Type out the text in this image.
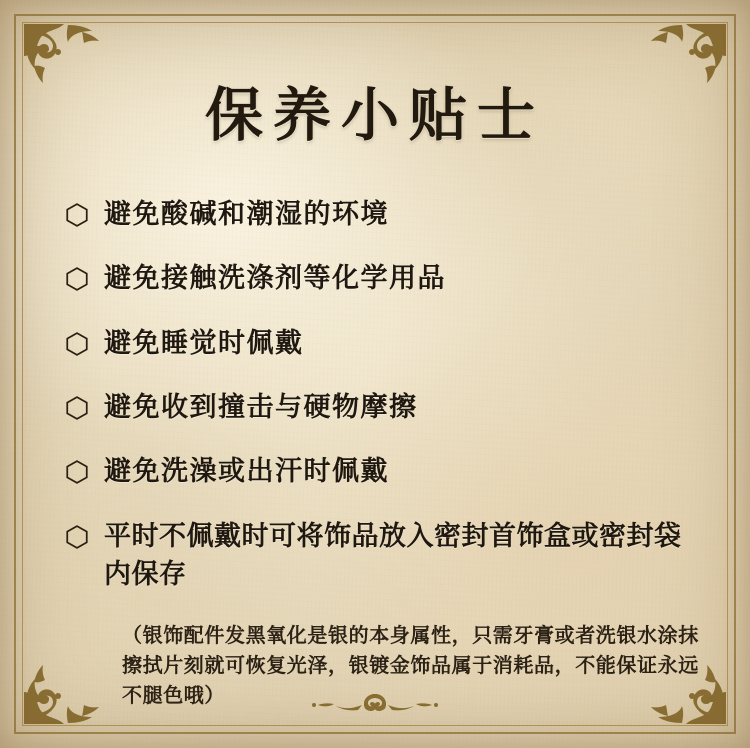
保养小贴士
避免酸碱和潮湿的环境
避免接触洗涤剂等化学用品
避免睡觉时佩戴
避免收到撞击与硬物摩擦
避免洗澡或出汗时佩戴
平时不佩戴时可将饰品放入密封首饰盒或密封袋内保存
（银饰配件发黑氧化是银的本身属性，只需牙膏或者洗银水涂抹擦拭片刻就可恢复光泽，银镀金饰品属于消耗品，不能保证永远不腿色哦）
